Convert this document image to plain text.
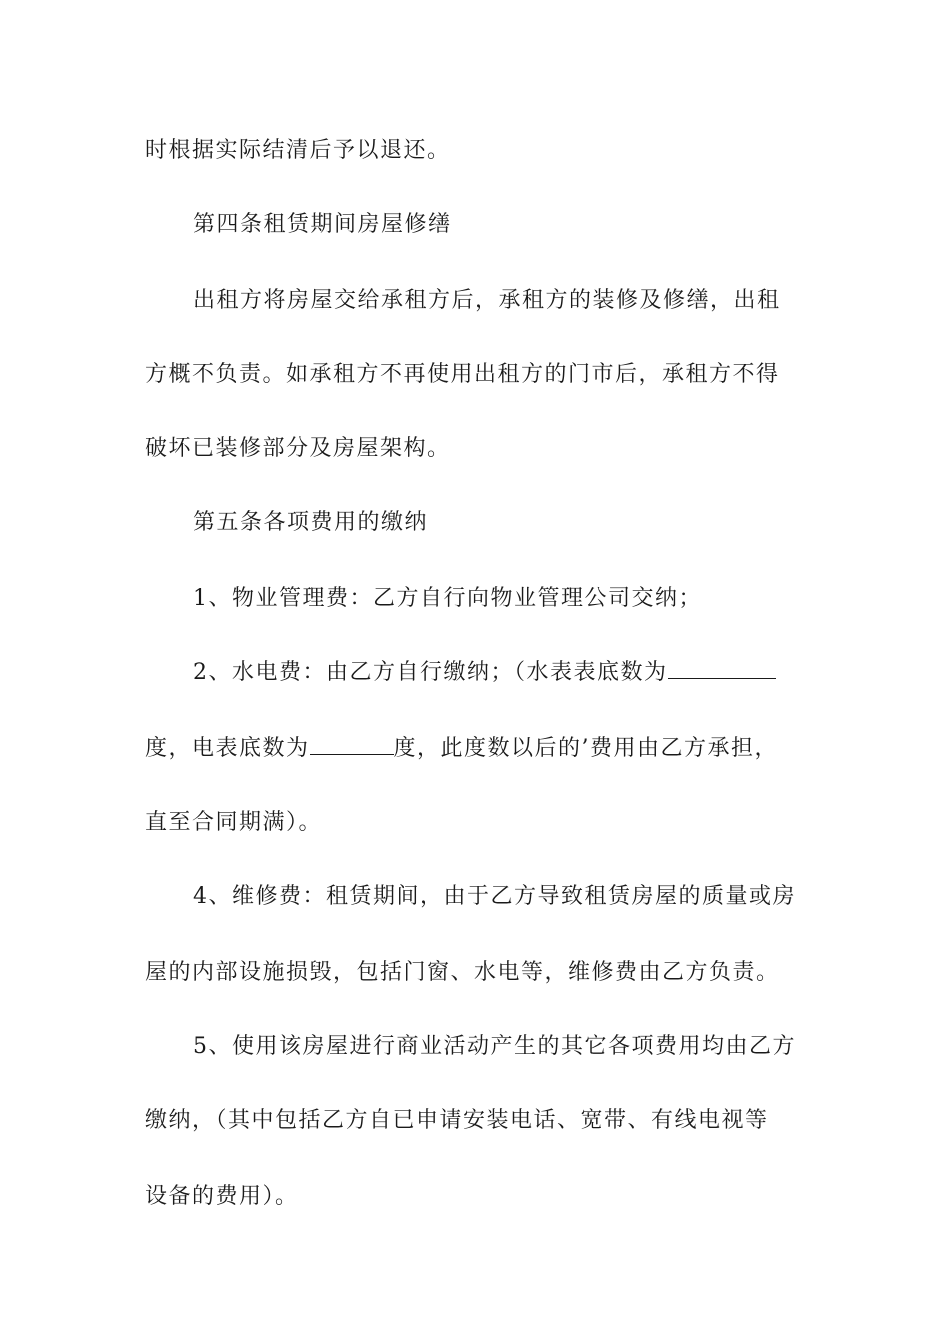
时根据实际结清后予以退还。
第四条租赁期间房屋修缮
出租方将房屋交给承租方后，承租方的装修及修缮，出租
方概不负责。如承租方不再使用出租方的门市后，承租方不得
破坏已装修部分及房屋架构。
第五条各项费用的缴纳
1、物业管理费：乙方自行向物业管理公司交纳；
2、水电费：由乙方自行缴纳；（水表表底数为
度，电表底数为	度，此度数以后的’费用由乙方承担，
直至合同期满）。
4、维修费：租赁期间，由于乙方导致租赁房屋的质量或房
屋的内部设施损毁，包括门窗、水电等，维修费由乙方负责。
5、使用该房屋进行商业活动产生的其它各项费用均由乙方
缴纳，（其中包括乙方自已申请安装电话、宽带、有线电视等
设备的费用）。
